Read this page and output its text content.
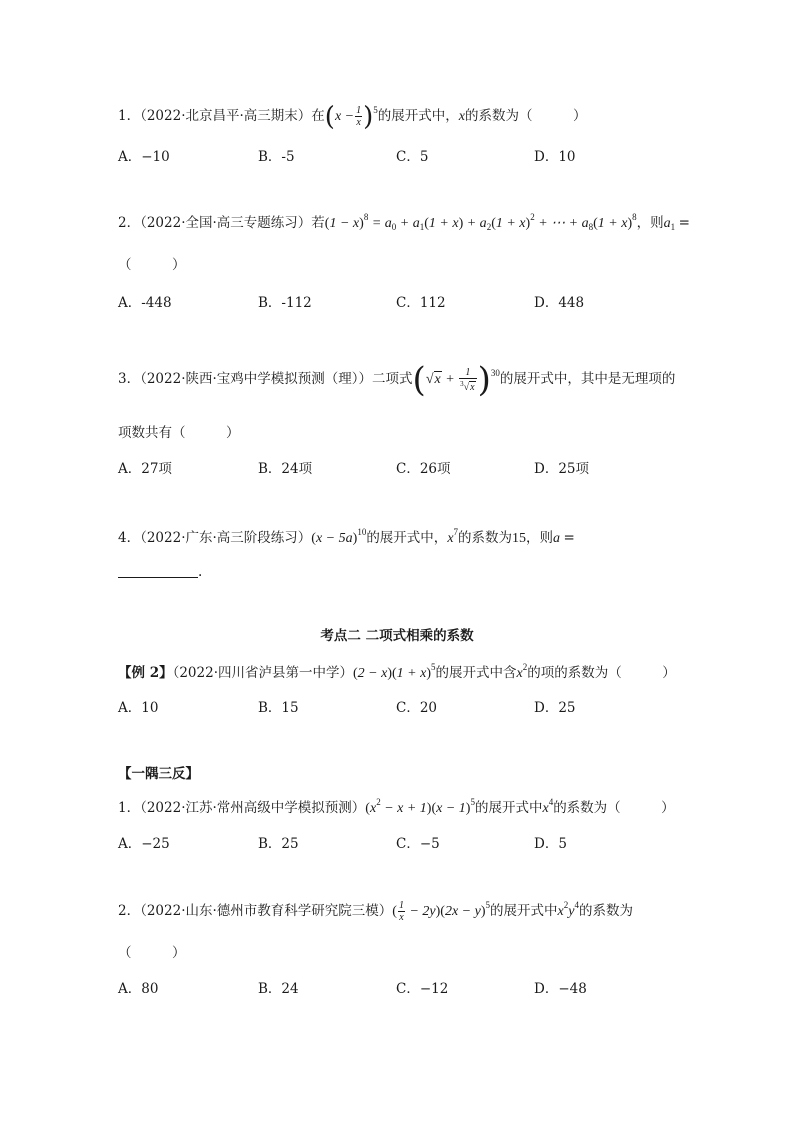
1．（2022·北京昌平·高三期末）在$(x - \frac{1}{x} )^5$的展开式中，x的系数为（　　　）
A．−10	B．-5	C．5	D．10
2．（2022·全国·高三专题练习）若$(1 - x)^8 = a_0 + a_1(1 + x) + a_2(1 + x)^2$ + ⋯ + $a_8(1 + x)^8$，则$a_1$ =
（　　　）
A．-448	B．-112	C．112	D．448
3．（2022·陕西·宝鸡中学模拟预测（理））二项式$(√x + \frac{1}{^3√x} )^{30}$的展开式中，其中是无理项的
项数共有（　　　）
A．27项	B．24项	C．26项	D．25项
4．（2022·广东·高三阶段练习）$(x - 5a)^{10}$的展开式中，$x^7$的系数为15，则a =
.
考点二 二项式相乘的系数
【例 2】（2022·四川省泸县第一中学）$(2 - x)(1 + x)^5$的展开式中含$x^2$的项的系数为（　　　）
A．10	B．15	C．20	D．25
【一隅三反】
1．（2022·江苏·常州高级中学模拟预测）$(x^2 - x + 1)(x - 1)^5$的展开式中$x^4$的系数为（　　　）
A．−25	B．25	C．−5	D．5
2．（2022·山东·德州市教育科学研究院三模）( $\frac{1}{x} - 2y)(2x - y)^5$的展开式中$x^2y^4$的系数为
（　　　）
A．80	B．24	C．−12	D．−48
